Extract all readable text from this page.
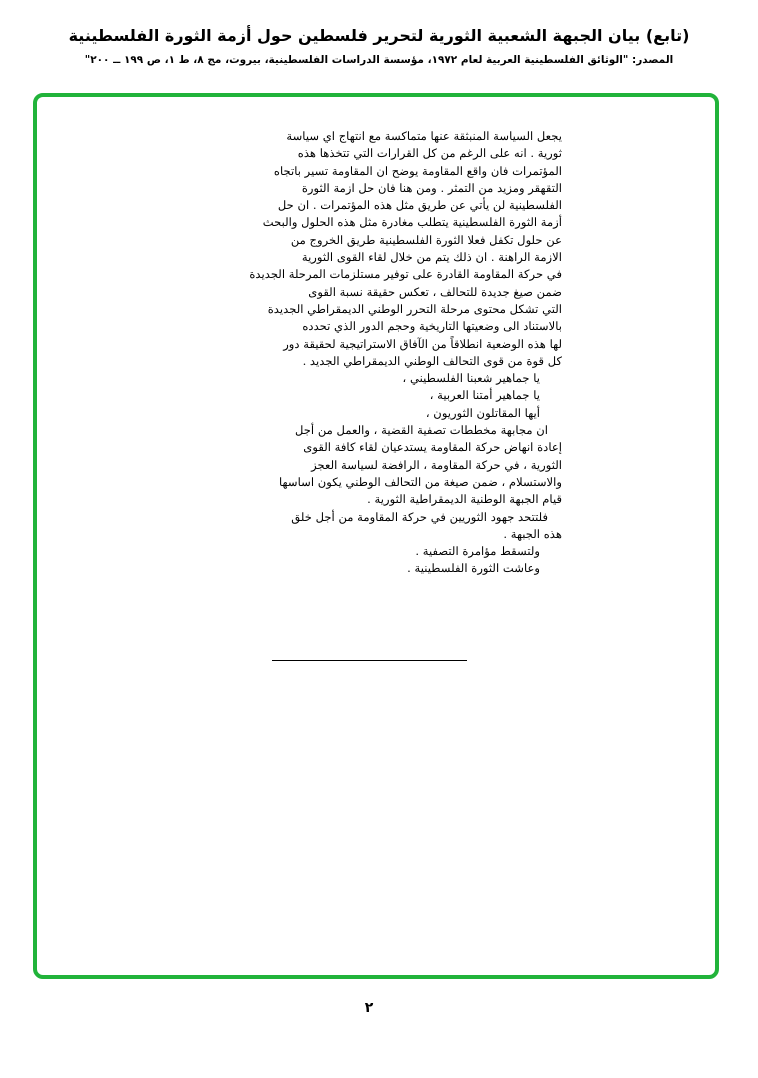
(تابع) بيان الجبهة الشعبية الثورية لتحرير فلسطين حول أزمة الثورة الفلسطينية
المصدر: "الوثائق الفلسطينية العربية لعام ١٩٧٢، مؤسسة الدراسات الفلسطينية، بيروت، مج ٨، ط ١، ص ١٩٩ ــ ٢٠٠"
يجعل السياسة المنبثقة عنها متماكسة مع انتهاج اي سياسة
ثورية . انه على الرغم من كل القرارات التي تتخذها هذه
المؤتمرات فان واقع المقاومة يوضح ان المقاومة تسير باتجاه
التقهقر ومزيد من التمثر . ومن هنا فان حل ازمة الثورة
الفلسطينية لن يأتي عن طريق مثل هذه المؤتمرات . ان حل
أزمة الثورة الفلسطينية يتطلب مغادرة مثل هذه الحلول والبحث
عن حلول تكفل فعلا الثورة الفلسطينية طريق الخروج من
الازمة الراهنة . ان ذلك يتم من خلال لقاء القوى الثورية
في حركة المقاومة القادرة على توفير مستلزمات المرحلة الجديدة
ضمن صيغ جديدة للتحالف ، تعكس حقيقة نسبة القوى
التي تشكل محتوى مرحلة التحرر الوطني الديمقراطي الجديدة
بالاستناد الى وضعيتها التاريخية وحجم الدور الذي تحدده
لها هذه الوضعية انطلاقاً من الآفاق الاستراتيجية لحقيقة دور
كل قوة من قوى التحالف الوطني الديمقراطي الجديد .
يا جماهير شعبنا الفلسطيني ،
يا جماهير أمتنا العربية ،
أيها المقاتلون الثوريون ،
ان مجابهة مخططات تصفية القضية ، والعمل من أجل
إعادة انهاض حركة المقاومة يستدعيان لقاء كافة القوى
الثورية ، في حركة المقاومة ، الرافضة لسياسة العجز
والاستسلام ، ضمن صيغة من التحالف الوطني يكون اساسها
قيام الجبهة الوطنية الديمقراطية الثورية .
فلتتحد جهود الثوريين في حركة المقاومة من أجل خلق
هذه الجبهة .
ولتسقط مؤامرة التصفية .
وعاشت الثورة الفلسطينية .
٢
